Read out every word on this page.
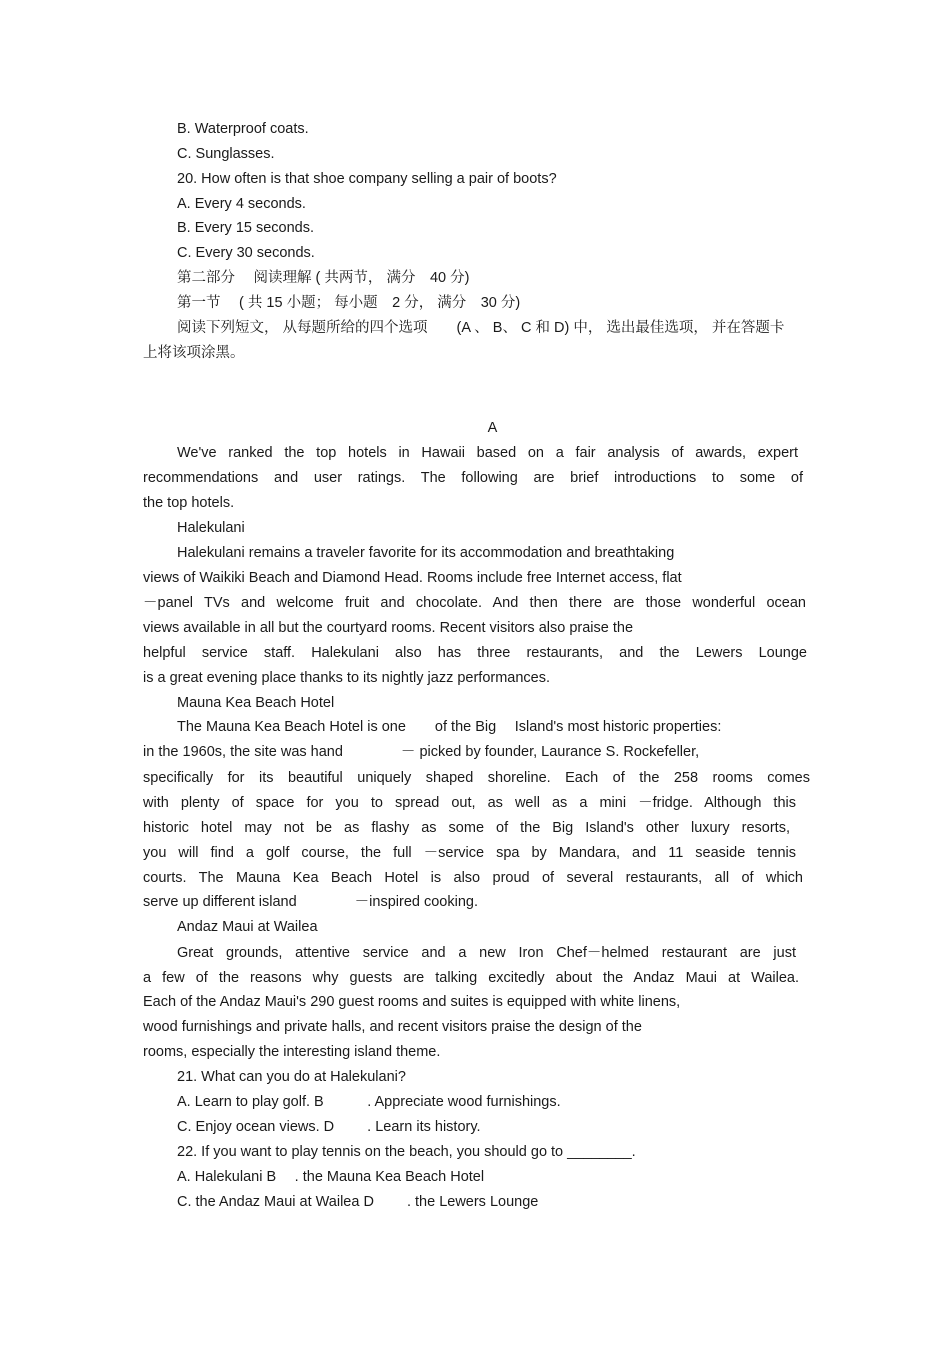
B. Waterproof coats.
C. Sunglasses.
20. How often is that shoe company selling a pair of boots?
A. Every 4 seconds.
B. Every 15 seconds.
C. Every 30 seconds.
第二部分　 阅读理解 ( 共两节， 满分　40 分)
第一节　 ( 共 15 小题； 每小题　2 分， 满分　30 分)
阅读下列短文， 从每题所给的四个选项　　(A 、 B、 C 和 D) 中， 选出最佳选项， 并在答题卡
上将该项涂黑。
A
We've ranked the top hotels in Hawaii based on a fair analysis of awards, expert
recommendations and user ratings. The following are brief introductions to some of
the top hotels.
Halekulani
Halekulani remains a traveler favorite for its accommodation and breathtaking
views of Waikiki Beach and Diamond Head. Rooms include free Internet access, flat
－panel TVs and welcome fruit and chocolate. And then there are those wonderful ocean
views available in all but the courtyard rooms. Recent visitors also praise the
helpful service staff. Halekulani also has three restaurants, and the Lewers Lounge
is a great evening place thanks to its nightly jazz performances.
Mauna Kea Beach Hotel
The Mauna Kea Beach Hotel is one　　of the Big　 Island's most historic properties:
in the 1960s, the site was hand　　　　－ picked by founder, Laurance S. Rockefeller,
specifically for its beautiful uniquely shaped shoreline. Each of the 258 rooms comes
with plenty of space for you to spread out, as well as a mini －fridge. Although this
historic hotel may not be as flashy as some of the Big Island's other luxury resorts,
you will find a golf course, the full －service spa by Mandara, and 11 seaside tennis
courts. The Mauna Kea Beach Hotel is also proud of several restaurants, all of which
serve up different island　　　　－inspired cooking.
Andaz Maui at Wailea
Great grounds, attentive service and a new Iron Chef－helmed restaurant are just
a few of the reasons why guests are talking excitedly about the Andaz Maui at Wailea.
Each of the Andaz Maui's 290 guest rooms and suites is equipped with white linens,
wood furnishings and private halls, and recent visitors praise the design of the
rooms, especially the interesting island theme.
21. What can you do at Halekulani?
A. Learn to play golf. B　　　. Appreciate wood furnishings.
C. Enjoy ocean views. D　　 . Learn its history.
22. If you want to play tennis on the beach, you should go to ________.
A. Halekulani B　 . the Mauna Kea Beach Hotel
C. the Andaz Maui at Wailea D　　 . the Lewers Lounge
